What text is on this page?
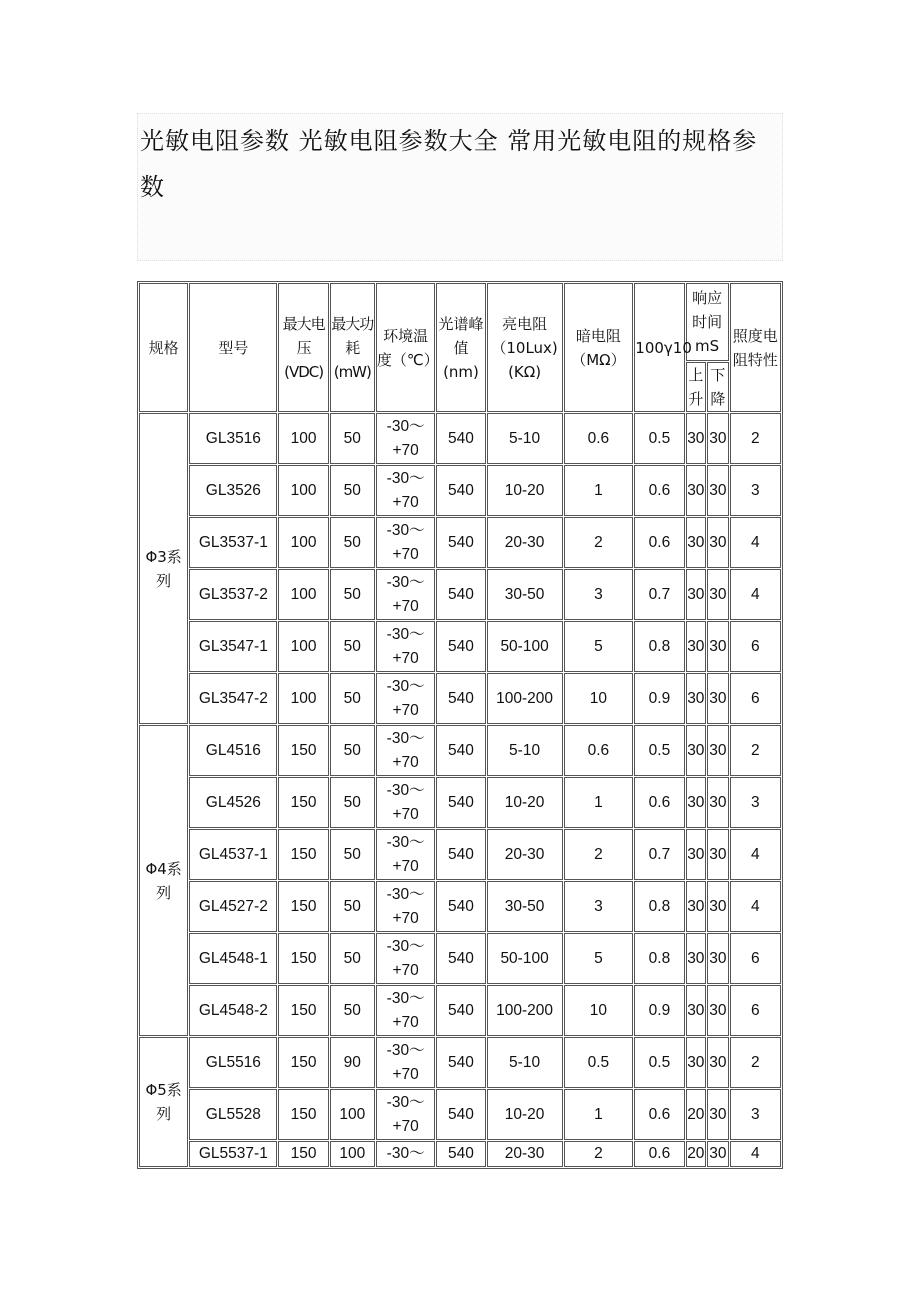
光敏电阻参数 光敏电阻参数大全 常用光敏电阻的规格参数
规格	型号	最大电压(VDC)	最大功耗(mW)	环境温度（℃）	光谱峰值(nm)	亮电阻（10Lux)(KΩ)	暗电阻（MΩ）	100γ10	响应时间mS		照度电阻特性
									上升	下降	
Φ3系列	GL3516	100	50	-30～+70	540	5-10	0.6	0.5	30	30	2
	GL3526	100	50	-30～+70	540	10-20	1	0.6	30	30	3
	GL3537-1	100	50	-30～+70	540	20-30	2	0.6	30	30	4
	GL3537-2	100	50	-30～+70	540	30-50	3	0.7	30	30	4
	GL3547-1	100	50	-30～+70	540	50-100	5	0.8	30	30	6
	GL3547-2	100	50	-30～+70	540	100-200	10	0.9	30	30	6
Φ4系列	GL4516	150	50	-30～+70	540	5-10	0.6	0.5	30	30	2
	GL4526	150	50	-30～+70	540	10-20	1	0.6	30	30	3
	GL4537-1	150	50	-30～+70	540	20-30	2	0.7	30	30	4
	GL4527-2	150	50	-30～+70	540	30-50	3	0.8	30	30	4
	GL4548-1	150	50	-30～+70	540	50-100	5	0.8	30	30	6
	GL4548-2	150	50	-30～+70	540	100-200	10	0.9	30	30	6
Φ5系列	GL5516	150	90	-30～+70	540	5-10	0.5	0.5	30	30	2
	GL5528	150	100	-30～+70	540	10-20	1	0.6	20	30	3
	GL5537-1	150	100	-30～	540	20-30	2	0.6	20	30	4
